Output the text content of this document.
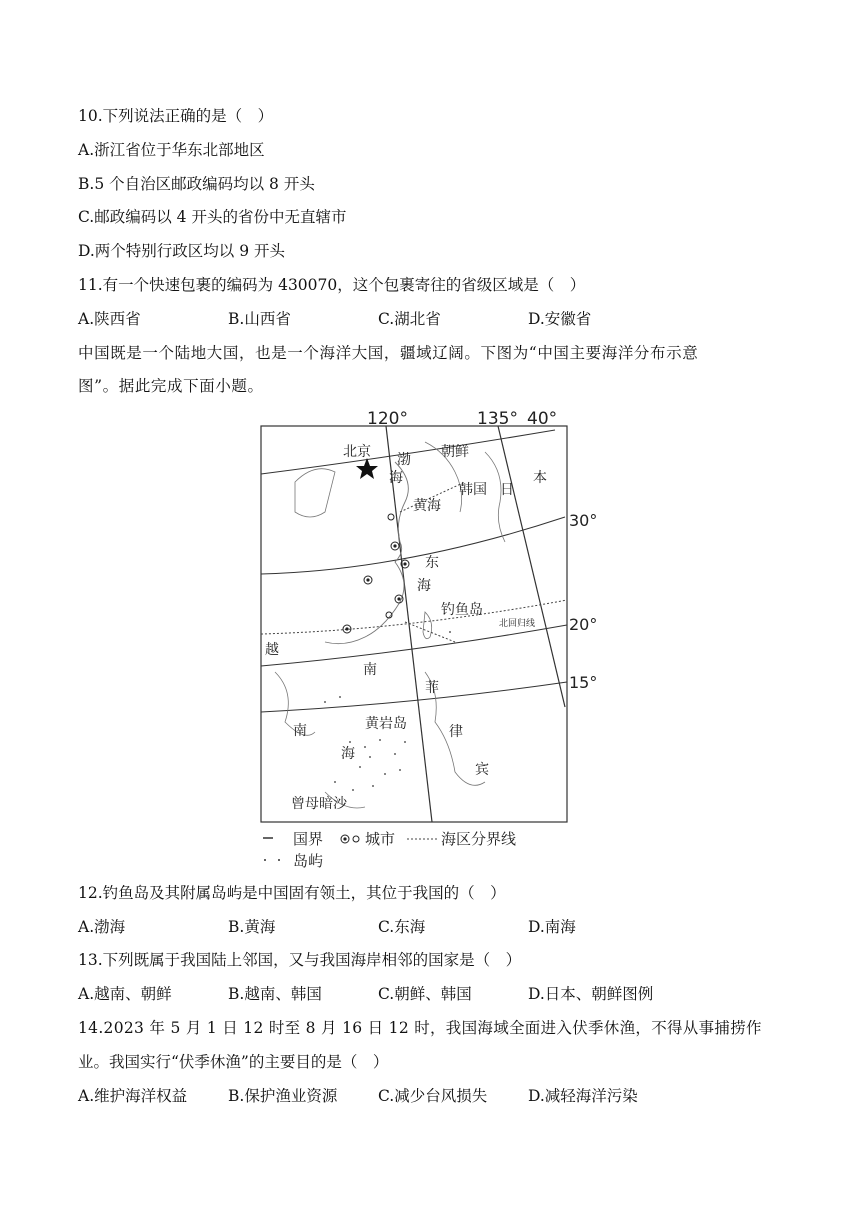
10.下列说法正确的是（　）
A.浙江省位于华东北部地区
B.5 个自治区邮政编码均以 8 开头
C.邮政编码以 4 开头的省份中无直辖市
D.两个特别行政区均以 9 开头
11.有一个快速包裹的编码为 430070，这个包裹寄往的省级区域是（　）
A.陕西省	B.山西省	C.湖北省	D.安徽省
中国既是一个陆地大国，也是一个海洋大国，疆域辽阔。下图为“中国主要海洋分布示意
图”。据此完成下面小题。
120°	135° 40°
30°
20°
15°
北京	朝鲜
渤
海
日
本
韩国
黄海
东
海
钓鱼岛
北回归线
越
南
菲
律
宾
黄岩岛
南
海
曾母暗沙
国界	城市	海区分界线
岛屿
12.钓鱼岛及其附属岛屿是中国固有领土，其位于我国的（　）
A.渤海	B.黄海	C.东海	D.南海
13.下列既属于我国陆上邻国，又与我国海岸相邻的国家是（　）
A.越南、朝鲜	B.越南、韩国	C.朝鲜、韩国	D.日本、朝鲜图例
14.2023 年 5 月 1 日 12 时至 8 月 16 日 12 时，我国海域全面进入伏季休渔，不得从事捕捞作
业。我国实行“伏季休渔”的主要目的是（　）
A.维护海洋权益	B.保护渔业资源	C.减少台风损失	D.减轻海洋污染
